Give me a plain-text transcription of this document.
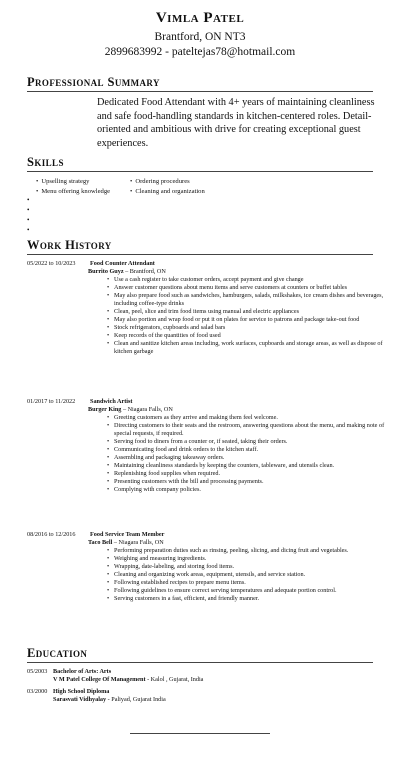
Vimla Patel
Brantford, ON NT3
2899683992 - pateltejas78@hotmail.com
Professional Summary
Dedicated Food Attendant with 4+ years of maintaining cleanliness and safe food-handling standards in kitchen-centered roles. Detail-oriented and ambitious with drive for creating exceptional guest experiences.
Skills
• Upselling strategy	• Ordering procedures
• Menu offering knowledge	• Cleaning and organization
•
•
•
•
Work History
05/2022 to 10/2023 Food Counter Attendant
Burrito Guyz – Brantford, ON
• Use a cash register to take customer orders, accept payment and give change
• Answer customer questions about menu items and serve customers at counters or buffet tables
• May also prepare food such as sandwiches, hamburgers, salads, milkshakes, ice cream dishes and beverages, including coffee-type drinks
• Clean, peel, slice and trim food items using manual and electric appliances
• May also portion and wrap food or put it on plates for service to patrons and package take-out food
• Stock refrigerators, cupboards and salad bars
• Keep records of the quantities of food used
• Clean and sanitize kitchen areas including, work surfaces, cupboards and storage areas, as well as dispose of kitchen garbage
01/2017 to 11/2022 Sandwich Artist
Burger King – Niagara Falls, ON
• Greeting customers as they arrive and making them feel welcome.
• Directing customers to their seats and the restroom, answering questions about the menu, and making note of special requests, if required.
• Serving food to diners from a counter or, if seated, taking their orders.
• Communicating food and drink orders to the kitchen staff.
• Assembling and packaging takeaway orders.
• Maintaining cleanliness standards by keeping the counters, tableware, and utensils clean.
• Replenishing food supplies when required.
• Presenting customers with the bill and processing payments.
• Complying with company policies.
08/2016 to 12/2016 Food Service Team Member
Taco Bell – Niagara Falls, ON
• Performing preparation duties such as rinsing, peeling, slicing, and dicing fruit and vegetables.
• Weighing and measuring ingredients.
• Wrapping, date-labeling, and storing food items.
• Cleaning and organizing work areas, equipment, utensils, and service station.
• Following established recipes to prepare menu items.
• Following guidelines to ensure correct serving temperatures and adequate portion control.
• Serving customers in a fast, efficient, and friendly manner.
Education
05/2003 Bachelor of Arts: Arts
V M Patel College Of Management - Kalol , Gujarat, India
03/2000 High School Diploma
Sarasvati Vidhyalay - Paliyad, Gujarat India
